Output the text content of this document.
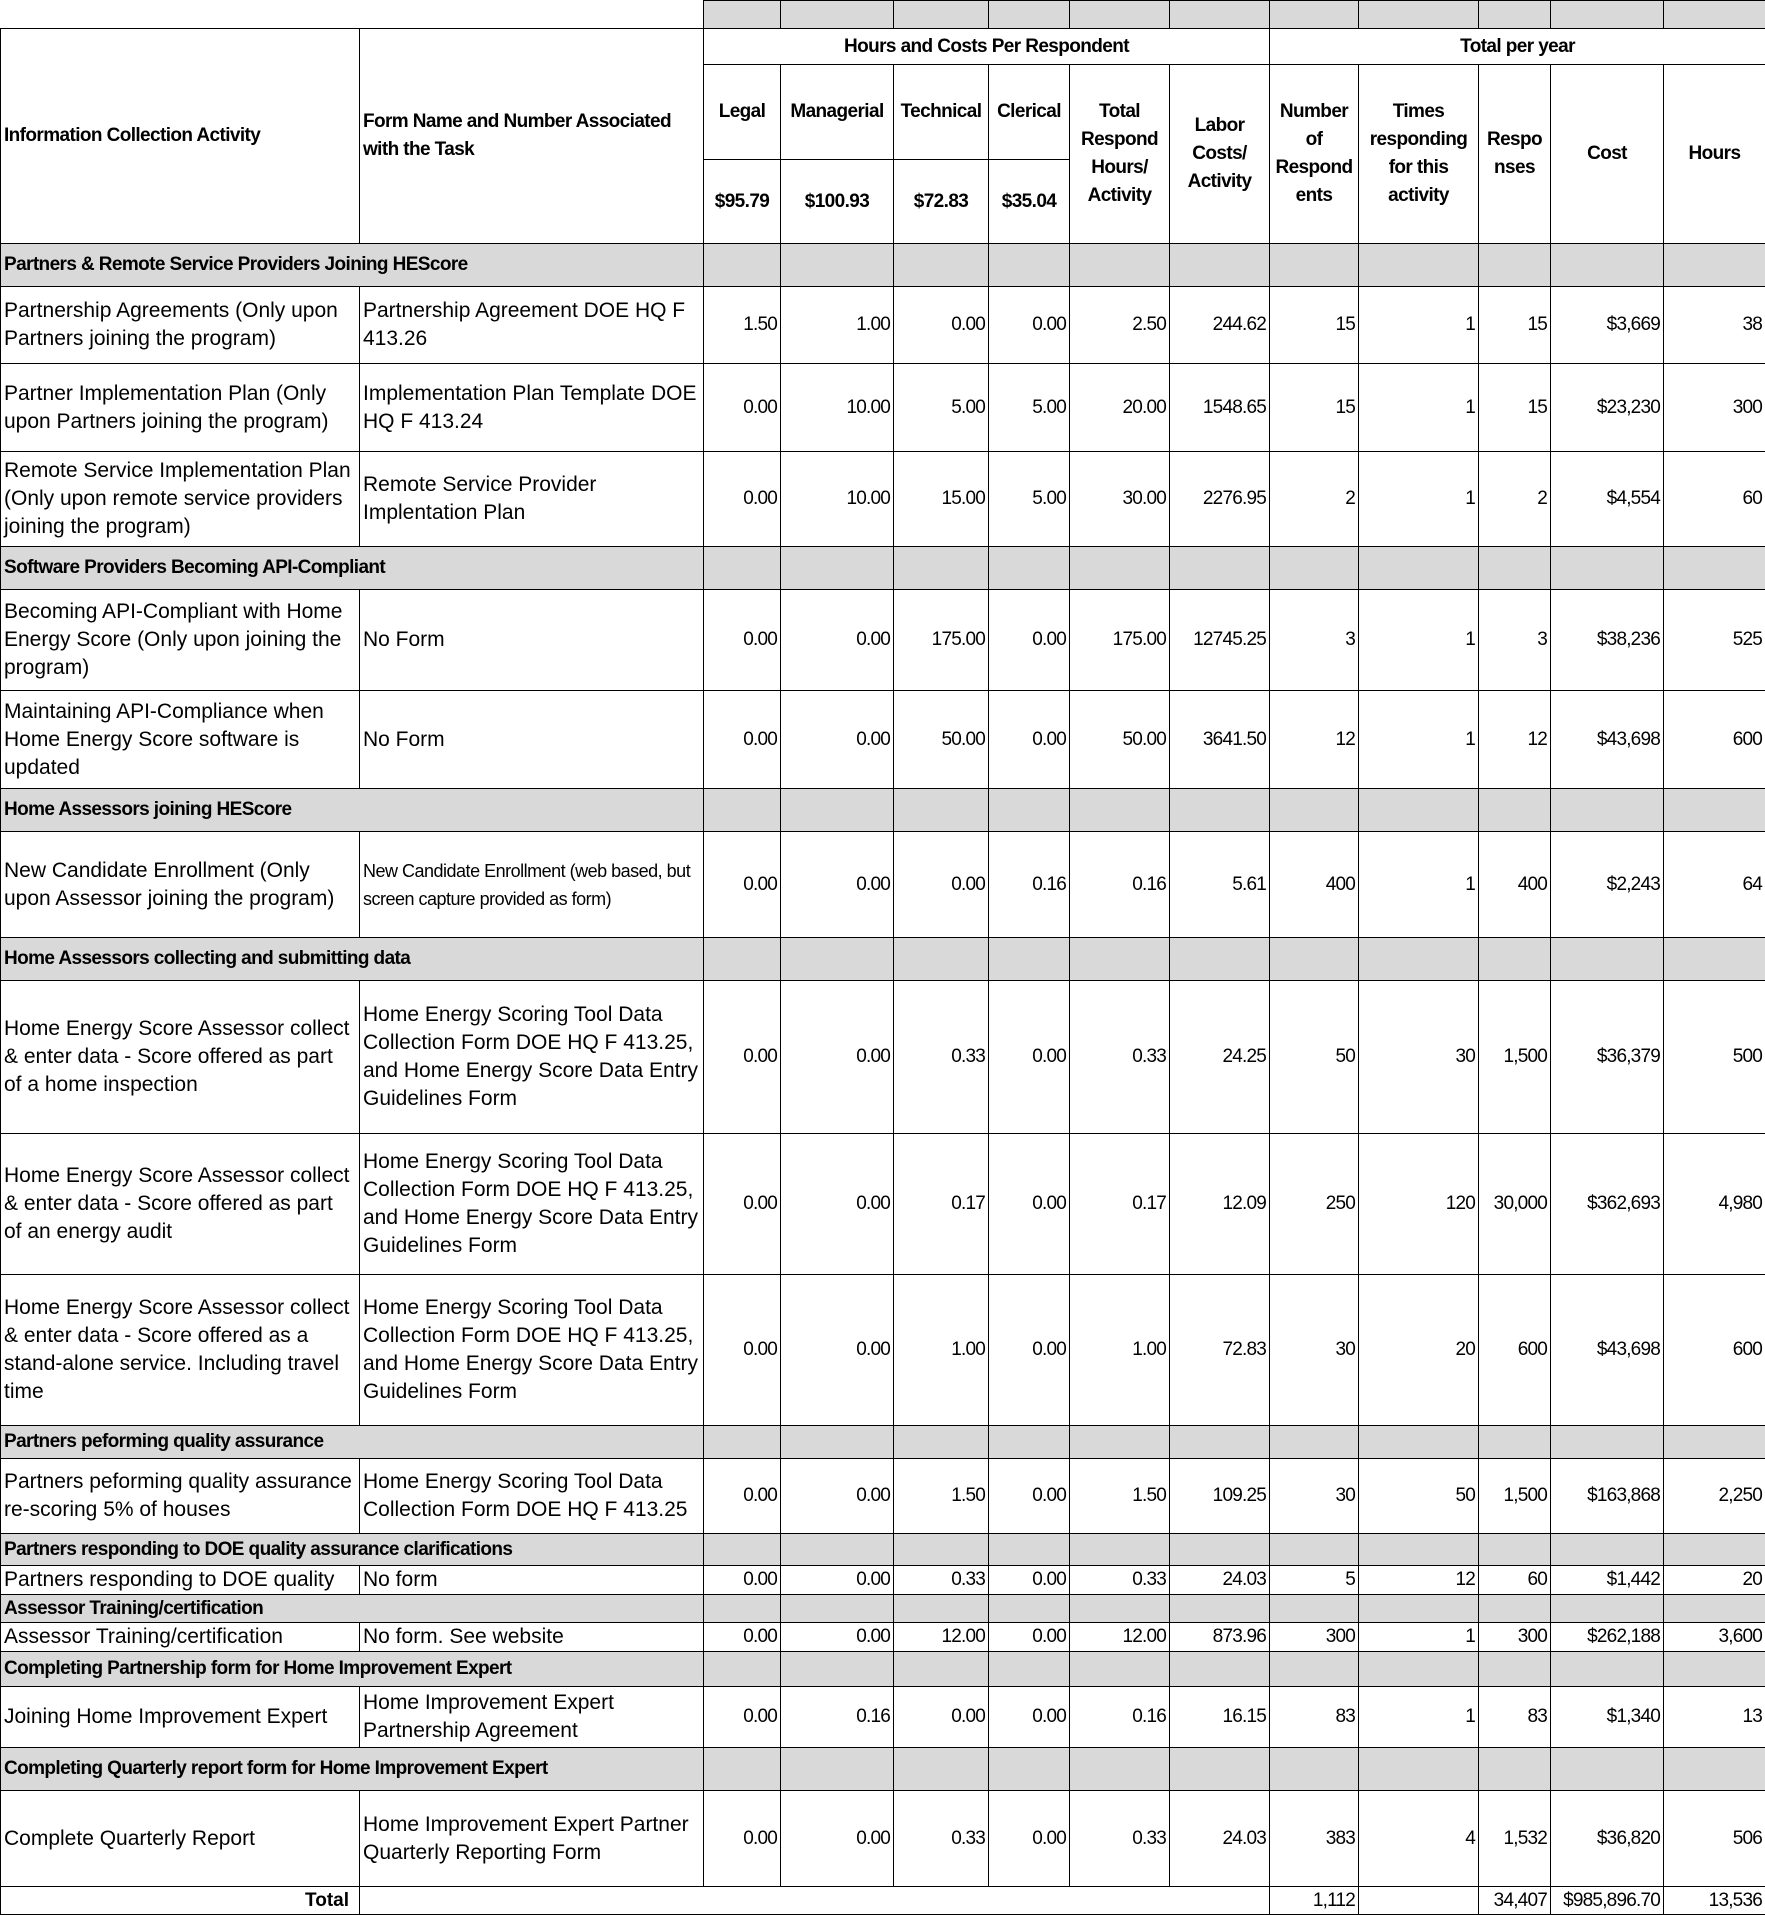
Information Collection Activity	Form Name and Number Associated with the Task	Hours and Costs Per Respondent						Total per year				
		Legal	Managerial	Technical	Clerical	Total Respond Hours/ Activity	Labor Costs/ Activity	Number of Respond ents	Times responding for this activity	Respo nses	Cost	Hours
		$95.79	$100.93	$72.83	$35.04							
Partners & Remote Service Providers Joining HEScore												
Partnership Agreements (Only upon Partners joining the program)	Partnership Agreement DOE HQ F 413.26	1.50	1.00	0.00	0.00	2.50	244.62	15	1	15	$3,669	38
Partner Implementation Plan (Only upon Partners joining the program)	Implementation Plan Template DOE HQ F 413.24	0.00	10.00	5.00	5.00	20.00	1548.65	15	1	15	$23,230	300
Remote Service Implementation Plan (Only upon remote service providers joining the program)	Remote Service Provider Implentation Plan	0.00	10.00	15.00	5.00	30.00	2276.95	2	1	2	$4,554	60
Software Providers Becoming API-Compliant												
Becoming API-Compliant with Home Energy Score (Only upon joining the program)	No Form	0.00	0.00	175.00	0.00	175.00	12745.25	3	1	3	$38,236	525
Maintaining API-Compliance when Home Energy Score software is updated	No Form	0.00	0.00	50.00	0.00	50.00	3641.50	12	1	12	$43,698	600
Home Assessors joining HEScore												
New Candidate Enrollment (Only upon Assessor joining the program)	New Candidate Enrollment (web based, but screen capture provided as form)	0.00	0.00	0.00	0.16	0.16	5.61	400	1	400	$2,243	64
Home Assessors collecting and submitting data												
Home Energy Score Assessor collect & enter data - Score offered as part of a home inspection	Home Energy Scoring Tool Data Collection Form DOE HQ F 413.25, and Home Energy Score Data Entry Guidelines Form	0.00	0.00	0.33	0.00	0.33	24.25	50	30	1,500	$36,379	500
Home Energy Score Assessor collect & enter data - Score offered as part of an energy audit	Home Energy Scoring Tool Data Collection Form DOE HQ F 413.25, and Home Energy Score Data Entry Guidelines Form	0.00	0.00	0.17	0.00	0.17	12.09	250	120	30,000	$362,693	4,980
Home Energy Score Assessor collect & enter data - Score offered as a stand-alone service. Including travel time	Home Energy Scoring Tool Data Collection Form DOE HQ F 413.25, and Home Energy Score Data Entry Guidelines Form	0.00	0.00	1.00	0.00	1.00	72.83	30	20	600	$43,698	600
Partners peforming quality assurance												
Partners peforming quality assurance re-scoring 5% of houses	Home Energy Scoring Tool Data Collection Form DOE HQ F 413.25	0.00	0.00	1.50	0.00	1.50	109.25	30	50	1,500	$163,868	2,250
Partners responding to DOE quality assurance clarifications												
Partners responding to DOE quality	No form	0.00	0.00	0.33	0.00	0.33	24.03	5	12	60	$1,442	20
Assessor Training/certification												
Assessor Training/certification	No form. See website	0.00	0.00	12.00	0.00	12.00	873.96	300	1	300	$262,188	3,600
Completing Partnership form for Home Improvement Expert												
Joining Home Improvement Expert	Home Improvement Expert Partnership Agreement	0.00	0.16	0.00	0.00	0.16	16.15	83	1	83	$1,340	13
Completing Quarterly report form for Home Improvement Expert												
Complete Quarterly Report	Home Improvement Expert Partner Quarterly Reporting Form	0.00	0.00	0.33	0.00	0.33	24.03	383	4	1,532	$36,820	506
Total								1,112		34,407	$985,896.70	13,536
